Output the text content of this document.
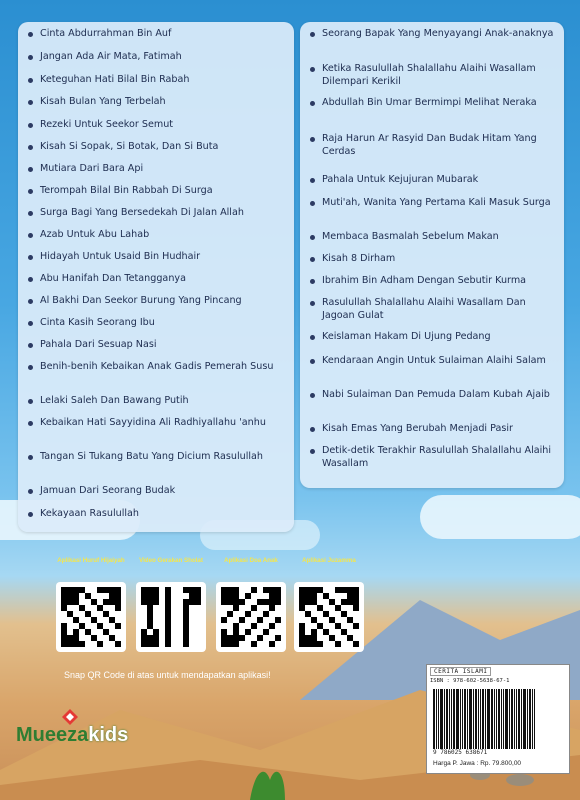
Cinta Abdurrahman Bin Auf
Jangan Ada Air Mata, Fatimah
Keteguhan Hati Bilal Bin Rabah
Kisah Bulan Yang Terbelah
Rezeki Untuk Seekor Semut
Kisah Si Sopak, Si Botak, Dan Si Buta
Mutiara Dari Bara Api
Terompah Bilal Bin Rabbah Di Surga
Surga Bagi Yang Bersedekah Di Jalan Allah
Azab Untuk Abu Lahab
Hidayah Untuk Usaid Bin Hudhair
Abu Hanifah Dan Tetangganya
Al Bakhi Dan Seekor Burung Yang Pincang
Cinta Kasih Seorang Ibu
Pahala Dari Sesuap Nasi
Benih-benih Kebaikan Anak Gadis Pemerah Susu
Lelaki Saleh Dan Bawang Putih
Kebaikan Hati Sayyidina Ali Radhiyallahu 'anhu
Tangan Si Tukang Batu Yang Dicium Rasulullah
Jamuan Dari Seorang Budak
Kekayaan Rasulullah
Seorang Bapak Yang Menyayangi Anak-anaknya
Ketika Rasulullah Shalallahu Alaihi Wasallam Dilempari Kerikil
Abdullah Bin Umar Bermimpi Melihat Neraka
Raja Harun Ar Rasyid Dan Budak Hitam Yang Cerdas
Pahala Untuk Kejujuran Mubarak
Muti'ah, Wanita Yang Pertama Kali Masuk Surga
Membaca Basmalah Sebelum Makan
Kisah 8 Dirham
Ibrahim Bin Adham Dengan Sebutir Kurma
Rasulullah Shalallahu Alaihi Wasallam Dan Jagoan Gulat
Keislaman Hakam Di Ujung Pedang
Kendaraan Angin Untuk Sulaiman Alaihi Salam
Nabi Sulaiman Dan Pemuda Dalam Kubah Ajaib
Kisah Emas Yang Berubah Menjadi Pasir
Detik-detik Terakhir Rasulullah Shalallahu Alaihi Wasallam
Aplikasi Huruf Hijaiyah	Video Gerakan Sholat	Aplikasi Doa Anak	Aplikasi Juzamma
Snap QR Code di atas untuk mendapatkan aplikasi!	CERITA ISLAMI
ISBN : 978-602-5638-67-1
9 786025 638671
Harga P. Jawa : Rp. 79.800,00
Mueezakids
